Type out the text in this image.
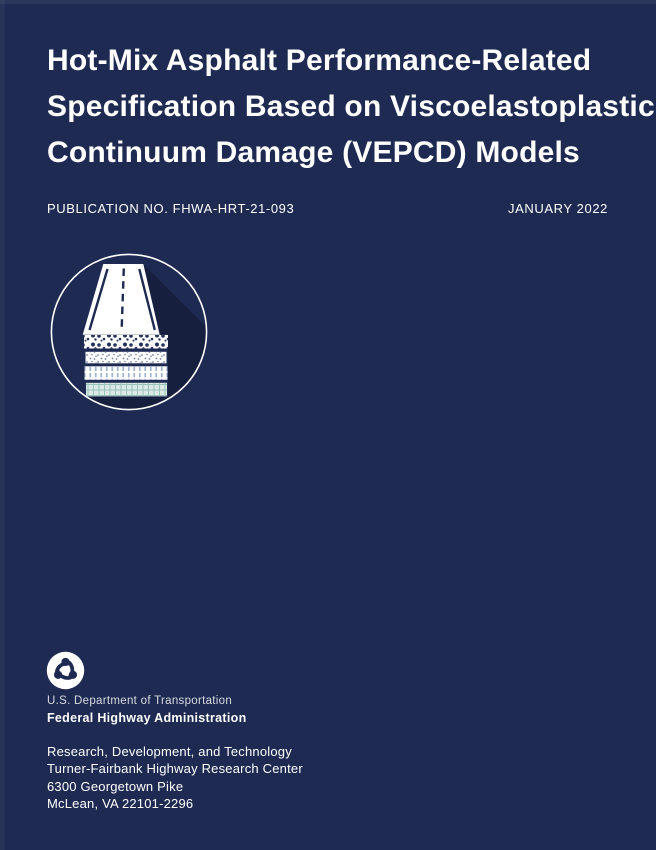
Hot-Mix Asphalt Performance-Related
Specification Based on Viscoelastoplastic
Continuum Damage (VEPCD) Models
PUBLICATION NO. FHWA-HRT-21-093	JANUARY 2022
U.S. Department of Transportation
Federal Highway Administration
Research, Development, and Technology
Turner-Fairbank Highway Research Center
6300 Georgetown Pike
McLean, VA 22101-2296
